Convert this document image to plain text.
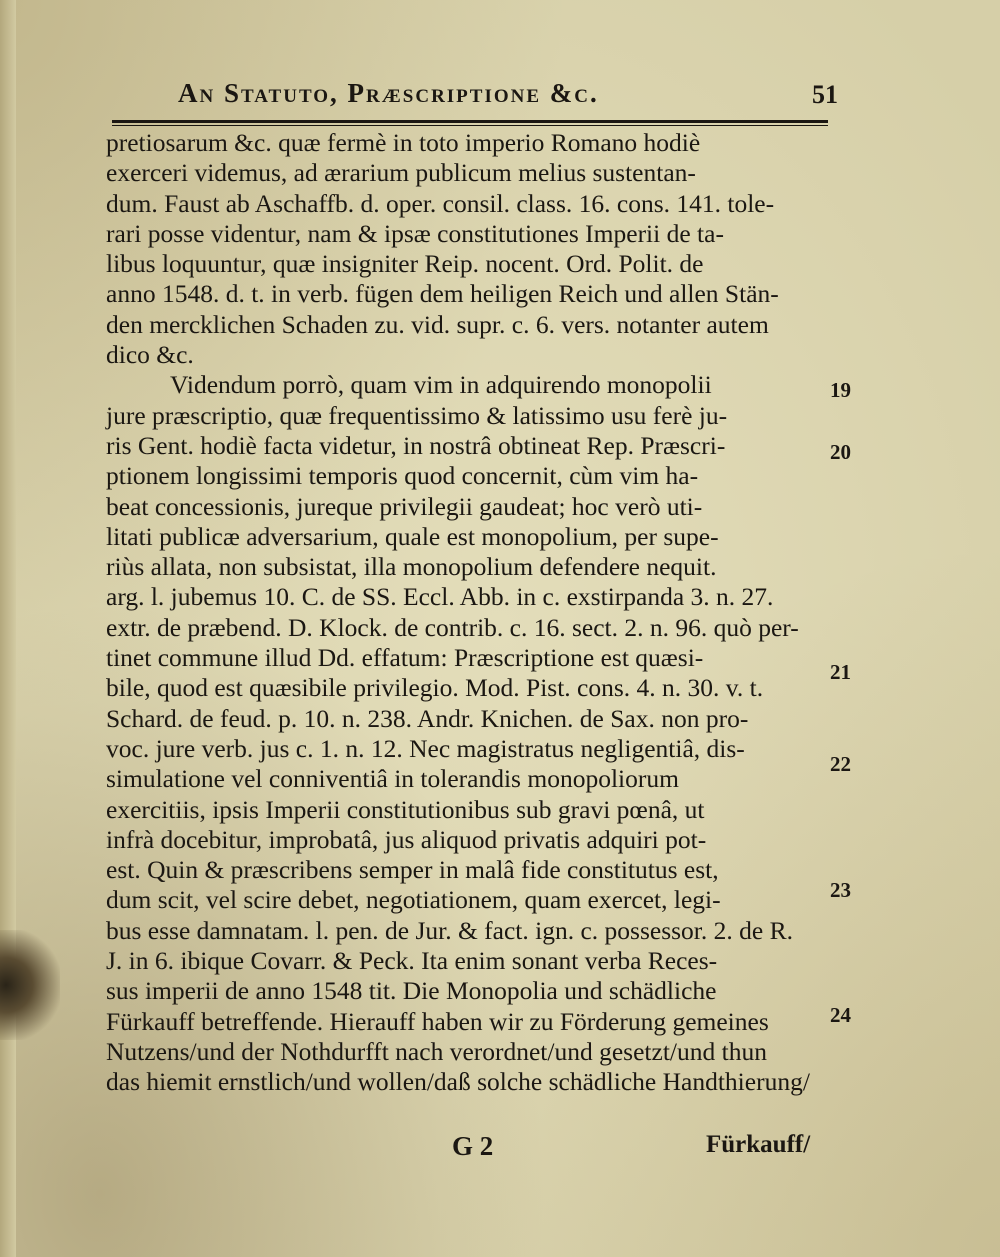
An Statuto, Præscriptione &c.	51
pretiosarum &c. quæ fermè in toto imperio Romano hodiè
exerceri videmus, ad ærarium publicum melius sustentan-
dum. Faust ab Aschaffb. d. oper. consil. class. 16. cons. 141. tole-
rari posse videntur, nam & ipsæ constitutiones Imperii de ta-
libus loquuntur, quæ insigniter Reip. nocent. Ord. Polit. de
anno 1548. d. t. in verb. fügen dem heiligen Reich und allen Stän-
den mercklichen Schaden zu. vid. supr. c. 6. vers. notanter autem
dico &c.
Videndum porrò, quam vim in adquirendo monopolii
jure præscriptio, quæ frequentissimo & latissimo usu ferè ju-
ris Gent. hodiè facta videtur, in nostrâ obtineat Rep. Præscri-
ptionem longissimi temporis quod concernit, cùm vim ha-
beat concessionis, jureque privilegii gaudeat; hoc verò uti-
litati publicæ adversarium, quale est monopolium, per supe-
riùs allata, non subsistat, illa monopolium defendere nequit.
arg. l. jubemus 10. C. de SS. Eccl. Abb. in c. exstirpanda 3. n. 27.
extr. de præbend. D. Klock. de contrib. c. 16. sect. 2. n. 96. quò per-
tinet commune illud Dd. effatum: Præscriptione est quæsi-
bile, quod est quæsibile privilegio. Mod. Pist. cons. 4. n. 30. v. t.
Schard. de feud. p. 10. n. 238. Andr. Knichen. de Sax. non pro-
voc. jure verb. jus c. 1. n. 12. Nec magistratus negligentiâ, dis-
simulatione vel conniventiâ in tolerandis monopoliorum
exercitiis, ipsis Imperii constitutionibus sub gravi pœnâ, ut
infrà docebitur, improbatâ, jus aliquod privatis adquiri pot-
est. Quin & præscribens semper in malâ fide constitutus est,
dum scit, vel scire debet, negotiationem, quam exercet, legi-
bus esse damnatam. l. pen. de Jur. & fact. ign. c. possessor. 2. de R.
J. in 6. ibique Covarr. & Peck. Ita enim sonant verba Reces-
sus imperii de anno 1548 tit. Die Monopolia und schädliche
Fürkauff betreffende. Hierauff haben wir zu Förderung gemeines
Nutzens/und der Nothdurfft nach verordnet/und gesetzt/und thun
das hiemit ernstlich/und wollen/daß solche schädliche Handthierung/
19
20
21
22
23
24
G 2	Fürkauff/
